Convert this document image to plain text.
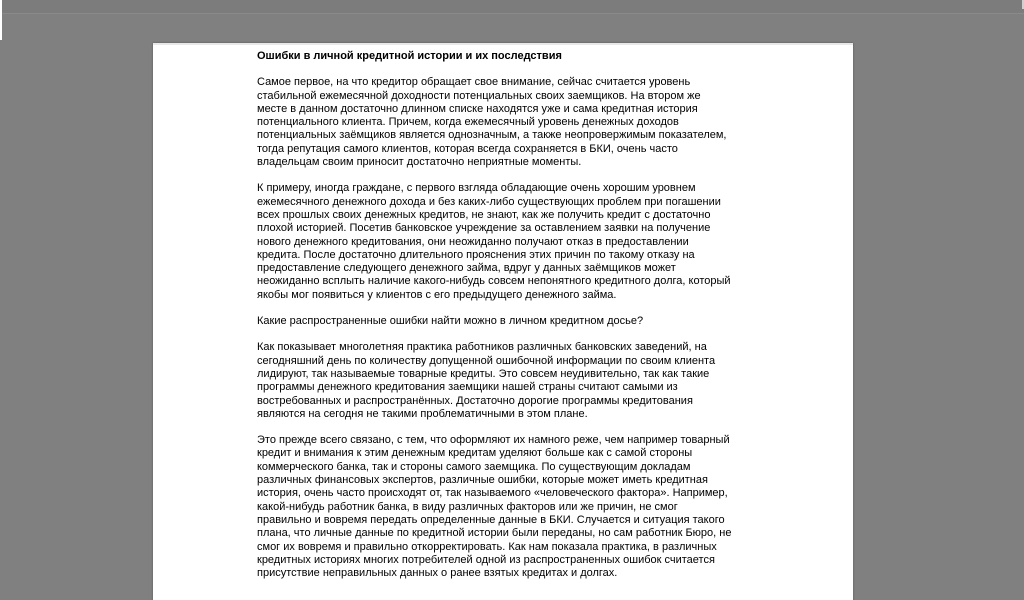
Ошибки в личной кредитной истории и их последствия
Самое первое, на что кредитор обращает свое внимание, сейчас считается уровень
стабильной ежемесячной доходности потенциальных своих заемщиков. На втором же
месте в данном достаточно длинном списке находятся уже и сама кредитная история
потенциального клиента. Причем, когда ежемесячный уровень денежных доходов
потенциальных заёмщиков является однозначным, а также неопровержимым показателем,
тогда репутация самого клиентов, которая всегда сохраняется в БКИ, очень часто
владельцам своим приносит достаточно неприятные моменты.
К примеру, иногда граждане, с первого взгляда обладающие очень хорошим уровнем
ежемесячного денежного дохода и без каких-либо существующих проблем при погашении
всех прошлых своих денежных кредитов, не знают, как же получить кредит с достаточно
плохой историей. Посетив банковское учреждение за оставлением заявки на получение
нового денежного кредитования, они неожиданно получают отказ в предоставлении
кредита. После достаточно длительного прояснения этих причин по такому отказу на
предоставление следующего денежного займа, вдруг у данных заёмщиков может
неожиданно всплыть наличие какого-нибудь совсем непонятного кредитного долга, который
якобы мог появиться у клиентов с его предыдущего денежного займа.
Какие распространенные ошибки найти можно в личном кредитном досье?
Как показывает многолетняя практика работников различных банковских заведений, на
сегодняшний день по количеству допущенной ошибочной информации по своим клиента
лидируют, так называемые товарные кредиты. Это совсем неудивительно, так как такие
программы денежного кредитования заемщики нашей страны считают самыми из
востребованных и распространённых. Достаточно дорогие программы кредитования
являются на сегодня не такими проблематичными в этом плане.
Это прежде всего связано, с тем, что оформляют их намного реже, чем например товарный
кредит и внимания к этим денежным кредитам уделяют больше как с самой стороны
коммерческого банка, так и стороны самого заемщика. По существующим докладам
различных финансовых экспертов, различные ошибки, которые может иметь кредитная
история, очень часто происходят от, так называемого «человеческого фактора». Например,
какой-нибудь работник банка, в виду различных факторов или же причин, не смог
правильно и вовремя передать определенные данные в БКИ. Случается и ситуация такого
плана, что личные данные по кредитной истории были переданы, но сам работник Бюро, не
смог их вовремя и правильно откорректировать. Как нам показала практика, в различных
кредитных историях многих потребителей одной из распространенных ошибок считается
присутствие неправильных данных о ранее взятых кредитах и долгах.
